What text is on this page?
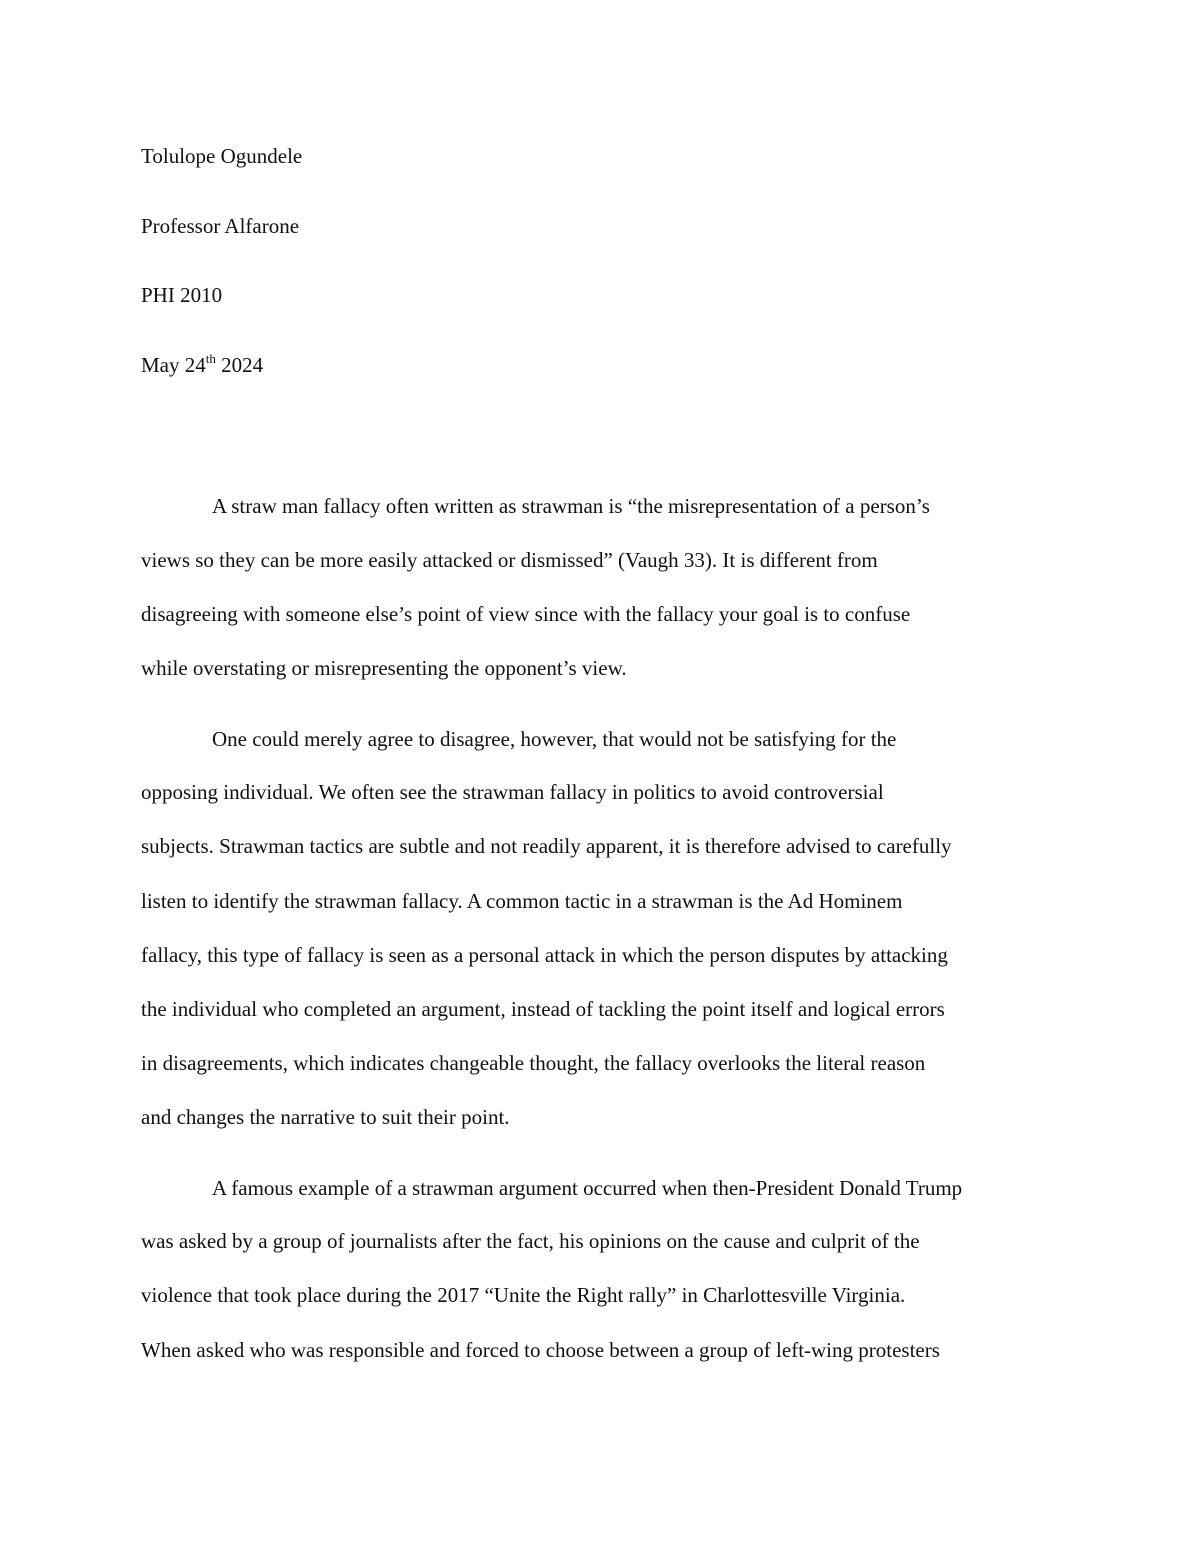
Tolulope Ogundele
Professor Alfarone
PHI 2010
May 24th 2024
A straw man fallacy often written as strawman is “the misrepresentation of a person’s
views so they can be more easily attacked or dismissed” (Vaugh 33). It is different from
disagreeing with someone else’s point of view since with the fallacy your goal is to confuse
while overstating or misrepresenting the opponent’s view.
One could merely agree to disagree, however, that would not be satisfying for the
opposing individual. We often see the strawman fallacy in politics to avoid controversial
subjects. Strawman tactics are subtle and not readily apparent, it is therefore advised to carefully
listen to identify the strawman fallacy. A common tactic in a strawman is the Ad Hominem
fallacy, this type of fallacy is seen as a personal attack in which the person disputes by attacking
the individual who completed an argument, instead of tackling the point itself and logical errors
in disagreements, which indicates changeable thought, the fallacy overlooks the literal reason
and changes the narrative to suit their point.
A famous example of a strawman argument occurred when then-President Donald Trump
was asked by a group of journalists after the fact, his opinions on the cause and culprit of the
violence that took place during the 2017 “Unite the Right rally” in Charlottesville Virginia.
When asked who was responsible and forced to choose between a group of left-wing protesters
